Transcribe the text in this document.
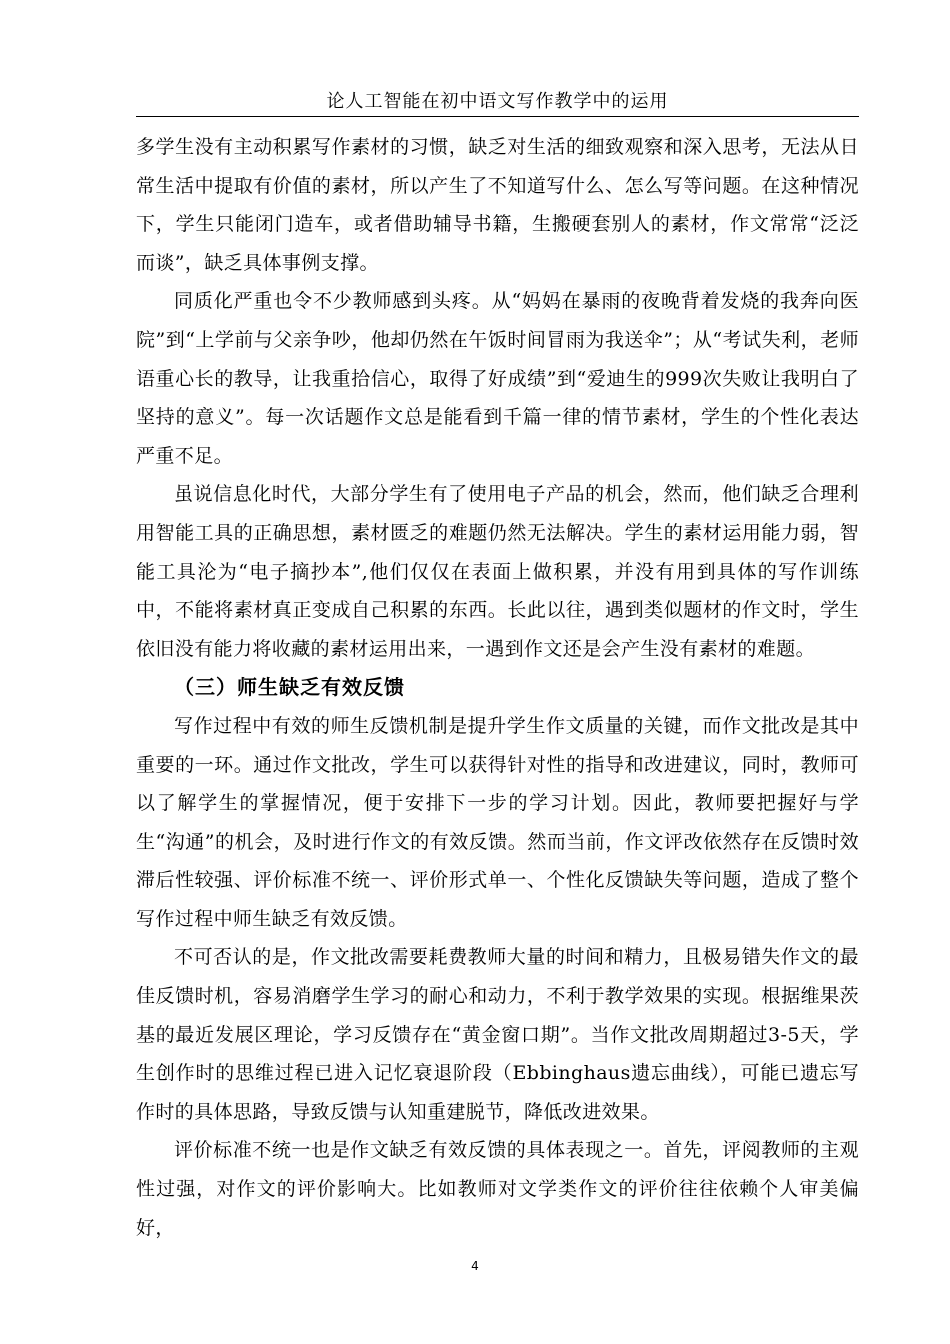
论人工智能在初中语文写作教学中的运用

多学生没有主动积累写作素材的习惯，缺乏对生活的细致观察和深入思考，无法从日常生活中提取有价值的素材，所以产生了不知道写什么、怎么写等问题。在这种情况下，学生只能闭门造车，或者借助辅导书籍，生搬硬套别人的素材，作文常常“泛泛而谈”，缺乏具体事例支撑。

同质化严重也令不少教师感到头疼。从“妈妈在暴雨的夜晚背着发烧的我奔向医院”到“上学前与父亲争吵，他却仍然在午饭时间冒雨为我送伞”；从“考试失利，老师语重心长的教导，让我重拾信心，取得了好成绩”到“爱迪生的999次失败让我明白了坚持的意义”。每一次话题作文总是能看到千篇一律的情节素材，学生的个性化表达严重不足。

虽说信息化时代，大部分学生有了使用电子产品的机会，然而，他们缺乏合理利用智能工具的正确思想，素材匮乏的难题仍然无法解决。学生的素材运用能力弱，智能工具沦为“电子摘抄本”,他们仅仅在表面上做积累，并没有用到具体的写作训练中，不能将素材真正变成自己积累的东西。长此以往，遇到类似题材的作文时，学生依旧没有能力将收藏的素材运用出来，一遇到作文还是会产生没有素材的难题。

（三）师生缺乏有效反馈

写作过程中有效的师生反馈机制是提升学生作文质量的关键，而作文批改是其中重要的一环。通过作文批改，学生可以获得针对性的指导和改进建议，同时，教师可以了解学生的掌握情况，便于安排下一步的学习计划。因此，教师要把握好与学生“沟通”的机会，及时进行作文的有效反馈。然而当前，作文评改依然存在反馈时效滞后性较强、评价标准不统一、评价形式单一、个性化反馈缺失等问题，造成了整个写作过程中师生缺乏有效反馈。

不可否认的是，作文批改需要耗费教师大量的时间和精力，且极易错失作文的最佳反馈时机，容易消磨学生学习的耐心和动力，不利于教学效果的实现。根据维果茨基的最近发展区理论，学习反馈存在“黄金窗口期”。当作文批改周期超过3-5天，学生创作时的思维过程已进入记忆衰退阶段（Ebbinghaus遗忘曲线），可能已遗忘写作时的具体思路，导致反馈与认知重建脱节，降低改进效果。

评价标准不统一也是作文缺乏有效反馈的具体表现之一。首先，评阅教师的主观性过强，对作文的评价影响大。比如教师对文学类作文的评价往往依赖个人审美偏好，

4
